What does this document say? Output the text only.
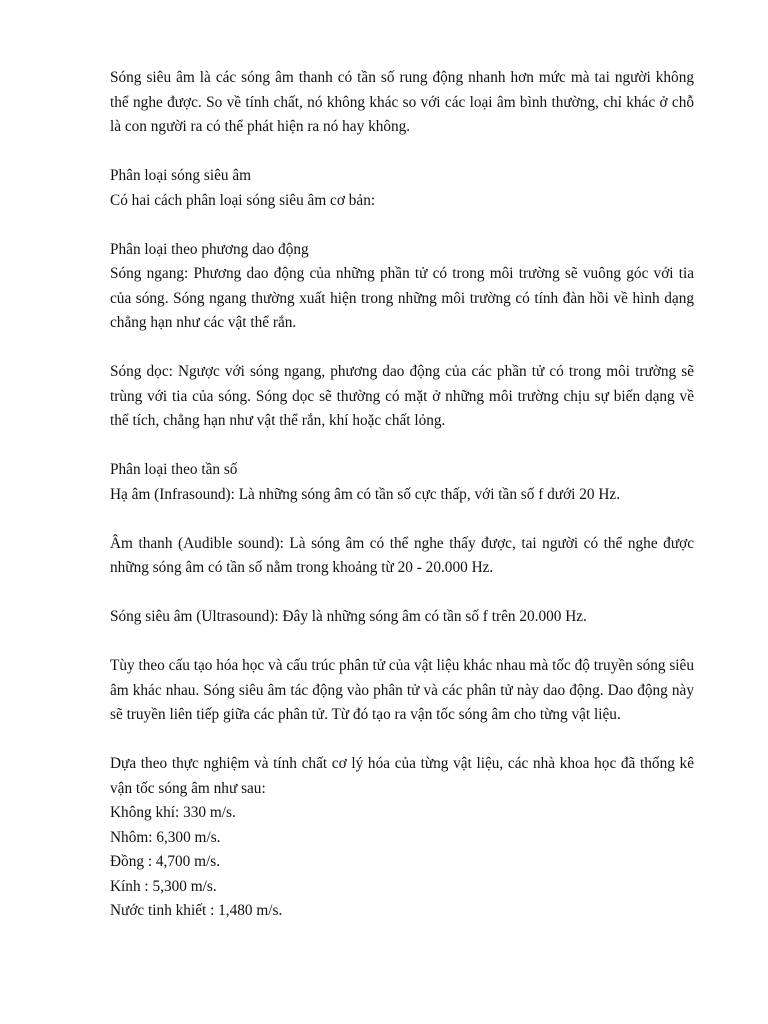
Sóng siêu âm là các sóng âm thanh có tần số rung động nhanh hơn mức mà tai người không thể nghe được. So về tính chất, nó không khác so với các loại âm bình thường, chỉ khác ở chỗ là con người ra có thể phát hiện ra nó hay không.

Phân loại sóng siêu âm

Có hai cách phân loại sóng siêu âm cơ bản:

Phân loại theo phương dao động

Sóng ngang: Phương dao động của những phần tử có trong môi trường sẽ vuông góc với tia của sóng. Sóng ngang thường xuất hiện trong những môi trường có tính đàn hồi về hình dạng chẳng hạn như các vật thể rắn.

Sóng dọc: Ngược với sóng ngang, phương dao động của các phần tử có trong môi trường sẽ trùng với tia của sóng. Sóng dọc sẽ thường có mặt ở những môi trường chịu sự biến dạng về thể tích, chẳng hạn như vật thể rắn, khí hoặc chất lỏng.

Phân loại theo tần số

Hạ âm (Infrasound): Là những sóng âm có tần số cực thấp, với tần số f dưới 20 Hz.

Âm thanh (Audible sound): Là sóng âm có thể nghe thấy được, tai người có thể nghe được những sóng âm có tần số nằm trong khoảng từ 20 - 20.000 Hz.

Sóng siêu âm (Ultrasound): Đây là những sóng âm có tần số f trên 20.000 Hz.

Tùy theo cấu tạo hóa học và cấu trúc phân tử của vật liệu khác nhau mà tốc độ truyền sóng siêu âm khác nhau. Sóng siêu âm tác động vào phân tử và các phân tử này dao động. Dao động này sẽ truyền liên tiếp giữa các phân tử. Từ đó tạo ra vận tốc sóng âm cho từng vật liệu.

Dựa theo thực nghiệm và tính chất cơ lý hóa của từng vật liệu, các nhà khoa học đã thống kê vận tốc sóng âm như sau:

Không khí: 330 m/s.

Nhôm: 6,300 m/s.

Đồng : 4,700 m/s.

Kính : 5,300 m/s.

Nước tinh khiết : 1,480 m/s.
